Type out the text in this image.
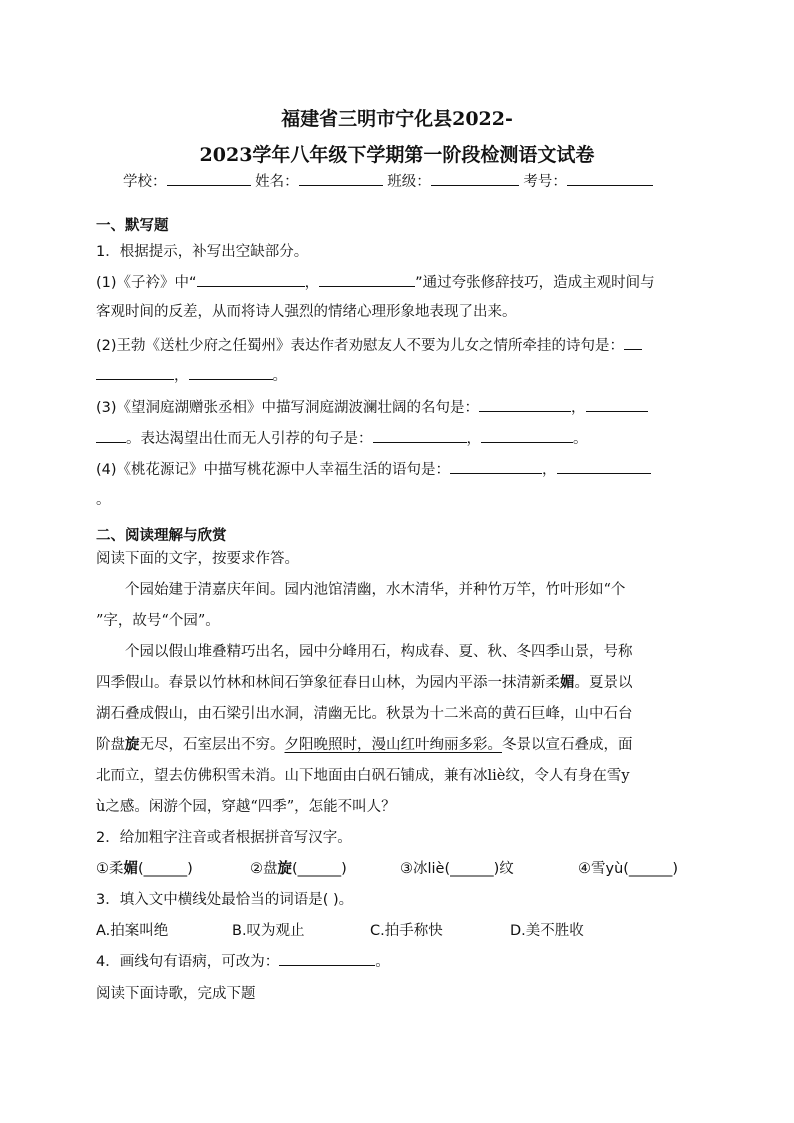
福建省三明市宁化县2022-
2023学年八年级下学期第一阶段检测语文试卷
学校：	姓名：	班级：	考号：
一、默写题
1．根据提示，补写出空缺部分。
(1)《子衿》中“	，	”通过夸张修辞技巧，造成主观时间与
客观时间的反差，从而将诗人强烈的情绪心理形象地表现了出来。
(2)王勃《送杜少府之任蜀州》表达作者劝慰友人不要为儿女之情所牵挂的诗句是：
，	。
(3)《望洞庭湖赠张丞相》中描写洞庭湖波澜壮阔的名句是：	，
。表达渴望出仕而无人引荐的句子是：	，	。
(4)《桃花源记》中描写桃花源中人幸福生活的语句是：	，
。
二、阅读理解与欣赏
阅读下面的文字，按要求作答。
个园始建于清嘉庆年间。园内池馆清幽，水木清华，并种竹万竿，竹叶形如“个
”字，故号“个园”。
个园以假山堆叠精巧出名，园中分峰用石，构成春、夏、秋、冬四季山景，号称
四季假山。春景以竹林和林间石笋象征春日山林，为园内平添一抹清新柔媚。夏景以
湖石叠成假山，由石梁引出水洞，清幽无比。秋景为十二米高的黄石巨峰，山中石台
阶盘旋无尽，石室层出不穷。夕阳晚照时，漫山红叶绚丽多彩。冬景以宣石叠成，面
北而立，望去仿佛积雪未消。山下地面由白矾石铺成，兼有冰liè纹，令人有身在雪y
ù之感。闲游个园，穿越“四季”，怎能不叫人？
2．给加粗字注音或者根据拼音写汉字。
①柔媚(______)	②盘旋(______)	③冰liè(______)纹	④雪yù(______)
3．填入文中横线处最恰当的词语是( )。
A.拍案叫绝	B.叹为观止	C.拍手称快	D.美不胜收
4．画线句有语病，可改为：	。
阅读下面诗歌，完成下题
